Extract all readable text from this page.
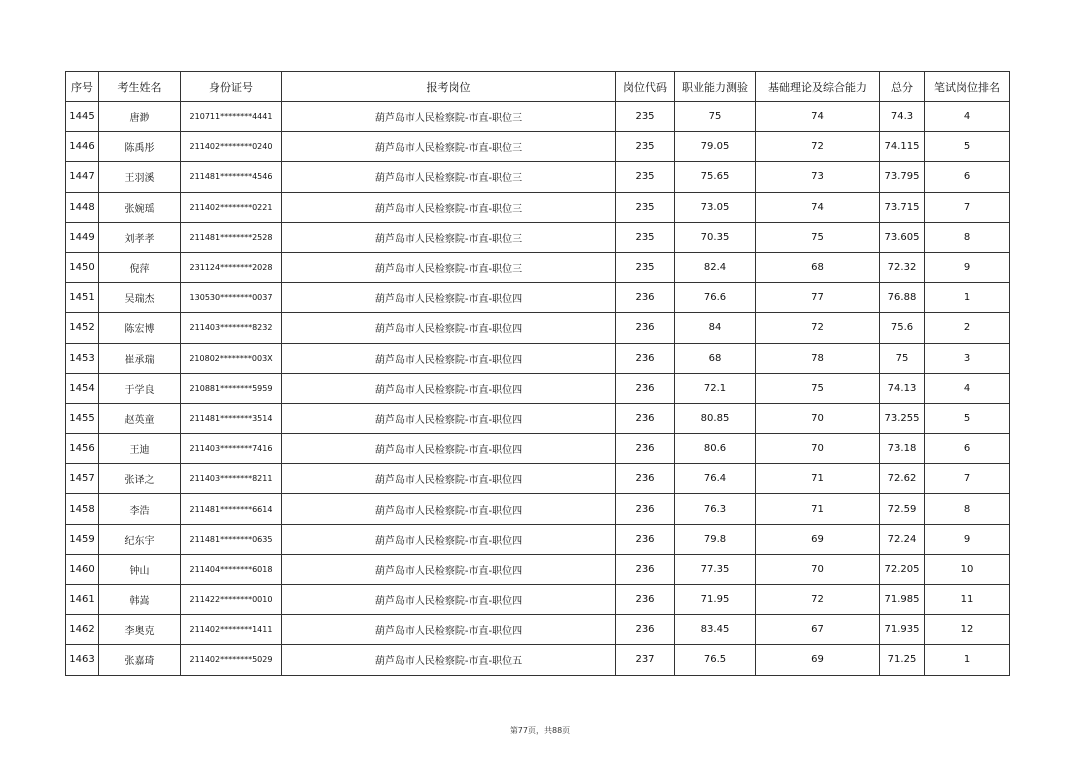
序号	考生姓名	身份证号	报考岗位	岗位代码	职业能力测验	基础理论及综合能力	总分	笔试岗位排名
1445	唐渺	210711********4441	葫芦岛市人民检察院-市直-职位三	235	75	74	74.3	4
1446	陈禹彤	211402********0240	葫芦岛市人民检察院-市直-职位三	235	79.05	72	74.115	5
1447	王羽溪	211481********4546	葫芦岛市人民检察院-市直-职位三	235	75.65	73	73.795	6
1448	张婉瑶	211402********0221	葫芦岛市人民检察院-市直-职位三	235	73.05	74	73.715	7
1449	刘孝孝	211481********2528	葫芦岛市人民检察院-市直-职位三	235	70.35	75	73.605	8
1450	倪萍	231124********2028	葫芦岛市人民检察院-市直-职位三	235	82.4	68	72.32	9
1451	吴瑞杰	130530********0037	葫芦岛市人民检察院-市直-职位四	236	76.6	77	76.88	1
1452	陈宏博	211403********8232	葫芦岛市人民检察院-市直-职位四	236	84	72	75.6	2
1453	崔承瑞	210802********003X	葫芦岛市人民检察院-市直-职位四	236	68	78	75	3
1454	于学良	210881********5959	葫芦岛市人民检察院-市直-职位四	236	72.1	75	74.13	4
1455	赵英童	211481********3514	葫芦岛市人民检察院-市直-职位四	236	80.85	70	73.255	5
1456	王迪	211403********7416	葫芦岛市人民检察院-市直-职位四	236	80.6	70	73.18	6
1457	张译之	211403********8211	葫芦岛市人民检察院-市直-职位四	236	76.4	71	72.62	7
1458	李浩	211481********6614	葫芦岛市人民检察院-市直-职位四	236	76.3	71	72.59	8
1459	纪东宇	211481********0635	葫芦岛市人民检察院-市直-职位四	236	79.8	69	72.24	9
1460	钟山	211404********6018	葫芦岛市人民检察院-市直-职位四	236	77.35	70	72.205	10
1461	韩嵩	211422********0010	葫芦岛市人民检察院-市直-职位四	236	71.95	72	71.985	11
1462	李奥克	211402********1411	葫芦岛市人民检察院-市直-职位四	236	83.45	67	71.935	12
1463	张嘉琦	211402********5029	葫芦岛市人民检察院-市直-职位五	237	76.5	69	71.25	1
第77页，共88页
